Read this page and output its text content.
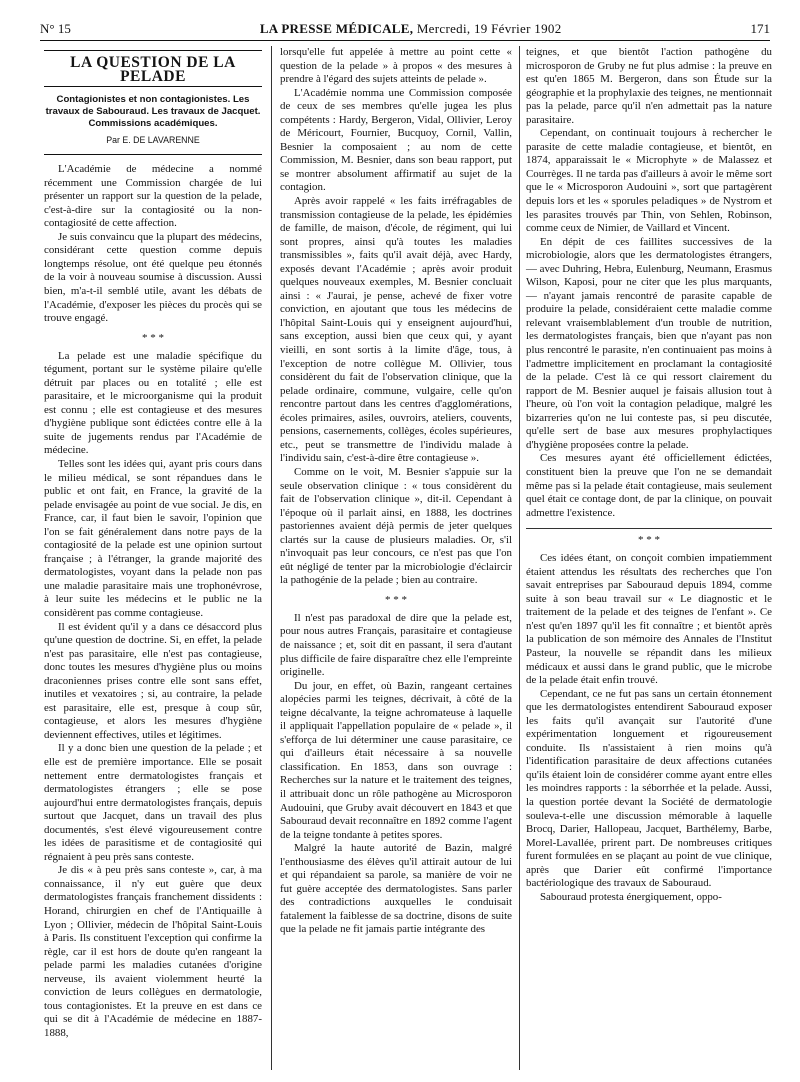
N° 15	LA PRESSE MÉDICALE, Mercredi, 19 Février 1902	171
LA QUESTION DE LA PELADE
Contagionistes et non contagionistes. Les travaux de Sabouraud. Les travaux de Jacquet. Commissions académiques.
Par E. DE LAVARENNE

L'Académie de médecine a nommé récemment une Commission chargée de lui présenter un rapport sur la question de la pelade, c'est-à-dire sur la contagiosité ou la non-contagiosité de cette affection.

Je suis convaincu que la plupart des médecins, considérant cette question comme depuis longtemps résolue, ont été quelque peu étonnés de la voir à nouveau soumise à discussion. Aussi bien, m'a-t-il semblé utile, avant les débats de l'Académie, d'exposer les pièces du procès qui se trouve engagé.

* * *

La pelade est une maladie spécifique du tégument, portant sur le système pilaire qu'elle détruit par places ou en totalité ; elle est parasitaire, et le microorganisme qui la produit est connu ; elle est contagieuse et des mesures d'hygiène publique sont édictées contre elle à la suite de jugements rendus par l'Académie de médecine.

Telles sont les idées qui, ayant pris cours dans le milieu médical, se sont répandues dans le public et ont fait, en France, la gravité de la pelade envisagée au point de vue social. Je dis, en France, car, il faut bien le savoir, l'opinion que l'on se fait généralement dans notre pays de la contagiosité de la pelade est une opinion surtout française ; à l'étranger, la grande majorité des dermatologistes, voyant dans la pelade non pas une maladie parasitaire mais une trophonévrose, à leur suite les médecins et le public ne la considèrent pas comme contagieuse.

Il est évident qu'il y a dans ce désaccord plus qu'une question de doctrine. Si, en effet, la pelade n'est pas parasitaire, elle n'est pas contagieuse, donc toutes les mesures d'hygiène plus ou moins draconiennes prises contre elle sont sans effet, inutiles et vexatoires ; si, au contraire, la pelade est parasitaire, elle est, presque à coup sûr, contagieuse, et alors les mesures d'hygiène deviennent effectives, utiles et légitimes.

Il y a donc bien une question de la pelade ; et elle est de première importance. Elle se posait nettement entre dermatologistes français et dermatologistes étrangers ; elle se pose aujourd'hui entre dermatologistes français, depuis surtout que Jacquet, dans un travail des plus documentés, s'est élevé vigoureusement contre les idées de parasitisme et de contagiosité qui régnaient à peu près sans conteste.

Je dis « à peu près sans conteste », car, à ma connaissance, il n'y eut guère que deux dermatologistes français franchement dissidents : Horand, chirurgien en chef de l'Antiquaille à Lyon ; Ollivier, médecin de l'hôpital Saint-Louis à Paris. Ils constituent l'exception qui confirme la règle, car il est hors de doute qu'en rangeant la pelade parmi les maladies cutanées d'origine nerveuse, ils avaient violemment heurté la conviction de leurs collègues en dermatologie, tous contagionistes. Et la preuve en est dans ce qui se dit à l'Académie de médecine en 1887-1888,

lorsqu'elle fut appelée à mettre au point cette « question de la pelade » à propos « des mesures à prendre à l'égard des sujets atteints de pelade ».

L'Académie nomma une Commission composée de ceux de ses membres qu'elle jugea les plus compétents : Hardy, Bergeron, Vidal, Ollivier, Leroy de Méricourt, Fournier, Bucquoy, Cornil, Vallin, Besnier la composaient ; au nom de cette Commission, M. Besnier, dans son beau rapport, put se montrer absolument affirmatif au sujet de la contagion.

Après avoir rappelé « les faits irréfragables de transmission contagieuse de la pelade, les épidémies de famille, de maison, d'école, de régiment, qui lui sont propres, ainsi qu'à toutes les maladies transmissibles », faits qu'il avait déjà, avec Hardy, exposés devant l'Académie ; après avoir produit quelques nouveaux exemples, M. Besnier concluait ainsi : « J'aurai, je pense, achevé de fixer votre conviction, en ajoutant que tous les médecins de l'hôpital Saint-Louis qui y enseignent aujourd'hui, sans exception, aussi bien que ceux qui, y ayant vieilli, en sont sortis à la limite d'âge, tous, à l'exception de notre collègue M. Ollivier, tous considèrent du fait de l'observation clinique, que la pelade ordinaire, commune, vulgaire, celle qu'on rencontre partout dans les centres d'agglomérations, écoles primaires, asiles, ouvroirs, ateliers, couvents, pensions, casernements, collèges, écoles supérieures, etc., peut se transmettre de l'individu malade à l'individu sain, c'est-à-dire être contagieuse ».

Comme on le voit, M. Besnier s'appuie sur la seule observation clinique : « tous considèrent du fait de l'observation clinique », dit-il. Cependant à l'époque où il parlait ainsi, en 1888, les doctrines pastoriennes avaient déjà permis de jeter quelques clartés sur la cause de plusieurs maladies. Or, s'il n'invoquait pas leur concours, ce n'est pas que l'on eût négligé de tenter par la microbiologie d'éclaircir la pathogénie de la pelade ; bien au contraire.

* * *

Il n'est pas paradoxal de dire que la pelade est, pour nous autres Français, parasitaire et contagieuse de naissance ; et, soit dit en passant, il sera d'autant plus difficile de faire disparaître chez elle l'empreinte originelle.

Du jour, en effet, où Bazin, rangeant certaines alopécies parmi les teignes, décrivait, à côté de la teigne décalvante, la teigne achromateuse à laquelle il appliquait l'appellation populaire de « pelade », il s'efforça de lui déterminer une cause parasitaire, ce qui d'ailleurs était nécessaire à sa nouvelle classification. En 1853, dans son ouvrage : Recherches sur la nature et le traitement des teignes, il attribuait donc un rôle pathogène au Microsporon Audouini, que Gruby avait découvert en 1843 et que Sabouraud devait reconnaître en 1892 comme l'agent de la teigne tondante à petites spores.

Malgré la haute autorité de Bazin, malgré l'enthousiasme des élèves qu'il attirait autour de lui et qui répandaient sa parole, sa manière de voir ne fut guère acceptée des dermatologistes. Sans parler des contradictions auxquelles le conduisait fatalement la faiblesse de sa doctrine, disons de suite que la pelade ne fit jamais partie intégrante des

teignes, et que bientôt l'action pathogène du microsporon de Gruby ne fut plus admise : la preuve en est qu'en 1865 M. Bergeron, dans son Étude sur la géographie et la prophylaxie des teignes, ne mentionnait pas la pelade, parce qu'il n'en admettait pas la nature parasitaire.

Cependant, on continuait toujours à rechercher le parasite de cette maladie contagieuse, et bientôt, en 1874, apparaissait le « Microphyte » de Malassez et Courrèges. Il ne tarda pas d'ailleurs à avoir le même sort que le « Microsporon Audouini », sort que partagèrent depuis lors et les « sporules peladiques » de Nystrom et les parasites trouvés par Thin, von Sehlen, Robinson, comme ceux de Nimier, de Vaillard et Vincent.

En dépit de ces faillites successives de la microbiologie, alors que les dermatologistes étrangers, — avec Duhring, Hebra, Eulenburg, Neumann, Erasmus Wilson, Kaposi, pour ne citer que les plus marquants, — n'ayant jamais rencontré de parasite capable de produire la pelade, considéraient cette maladie comme relevant vraisemblablement d'un trouble de nutrition, les dermatologistes français, bien que n'ayant pas non plus rencontré le parasite, n'en continuaient pas moins à l'admettre implicitement en proclamant la contagiosité de la pelade. C'est là ce qui ressort clairement du rapport de M. Besnier auquel je faisais allusion tout à l'heure, où l'on voit la contagion peladique, malgré les bizarreries qu'on ne lui conteste pas, si peu discutée, qu'elle sert de base aux mesures prophylactiques d'hygiène proposées contre la pelade.

Ces mesures ayant été officiellement édictées, constituent bien la preuve que l'on ne se demandait même pas si la pelade était contagieuse, mais seulement quel était ce contage dont, de par la clinique, on pouvait admettre l'existence.

* * *

Ces idées étant, on conçoit combien impatiemment étaient attendus les résultats des recherches que l'on savait entreprises par Sabouraud depuis 1894, comme suite à son beau travail sur « Le diagnostic et le traitement de la pelade et des teignes de l'enfant ». Ce n'est qu'en 1897 qu'il les fit connaître ; et bientôt après la publication de son mémoire des Annales de l'Institut Pasteur, la nouvelle se répandit dans les milieux médicaux et aussi dans le grand public, que le microbe de la pelade était enfin trouvé.

Cependant, ce ne fut pas sans un certain étonnement que les dermatologistes entendirent Sabouraud exposer les faits qu'il avançait sur l'autorité d'une expérimentation longuement et rigoureusement conduite. Ils n'assistaient à rien moins qu'à l'identification parasitaire de deux affections cutanées qu'ils étaient loin de considérer comme ayant entre elles les moindres rapports : la séborrhée et la pelade. Aussi, la question portée devant la Société de dermatologie souleva-t-elle une discussion mémorable à laquelle Brocq, Darier, Hallopeau, Jacquet, Barthélemy, Barbe, Morel-Lavallée, prirent part. De nombreuses critiques furent formulées en se plaçant au point de vue clinique, après que Darier eût confirmé l'importance bactériologique des travaux de Sabouraud.

Sabouraud protesta énergiquement, oppo-
